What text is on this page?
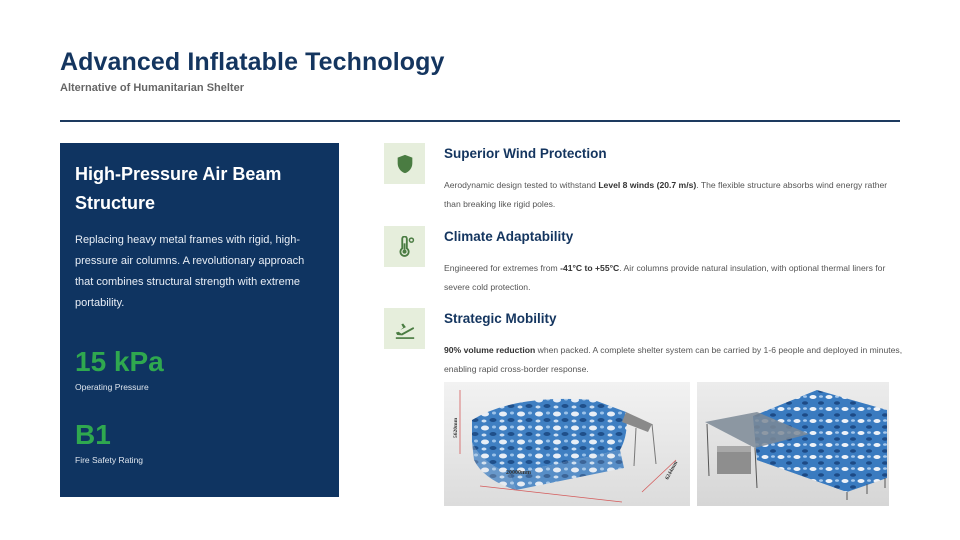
Advanced Inflatable Technology
Alternative of Humanitarian Shelter
High-Pressure Air Beam Structure
Replacing heavy metal frames with rigid, high-pressure air columns. A revolutionary approach that combines structural strength with extreme portability.
15 kPa
Operating Pressure
B1
Fire Safety Rating
Superior Wind Protection
Aerodynamic design tested to withstand Level 8 winds (20.7 m/s). The flexible structure absorbs wind energy rather than breaking like rigid poles.
Climate Adaptability
Engineered for extremes from -41°C to +55°C. Air columns provide natural insulation, with optional thermal liners for severe cold protection.
Strategic Mobility
90% volume reduction when packed. A complete shelter system can be carried by 1-6 people and deployed in minutes, enabling rapid cross-border response.
5620mm
20000mm	6244mm
